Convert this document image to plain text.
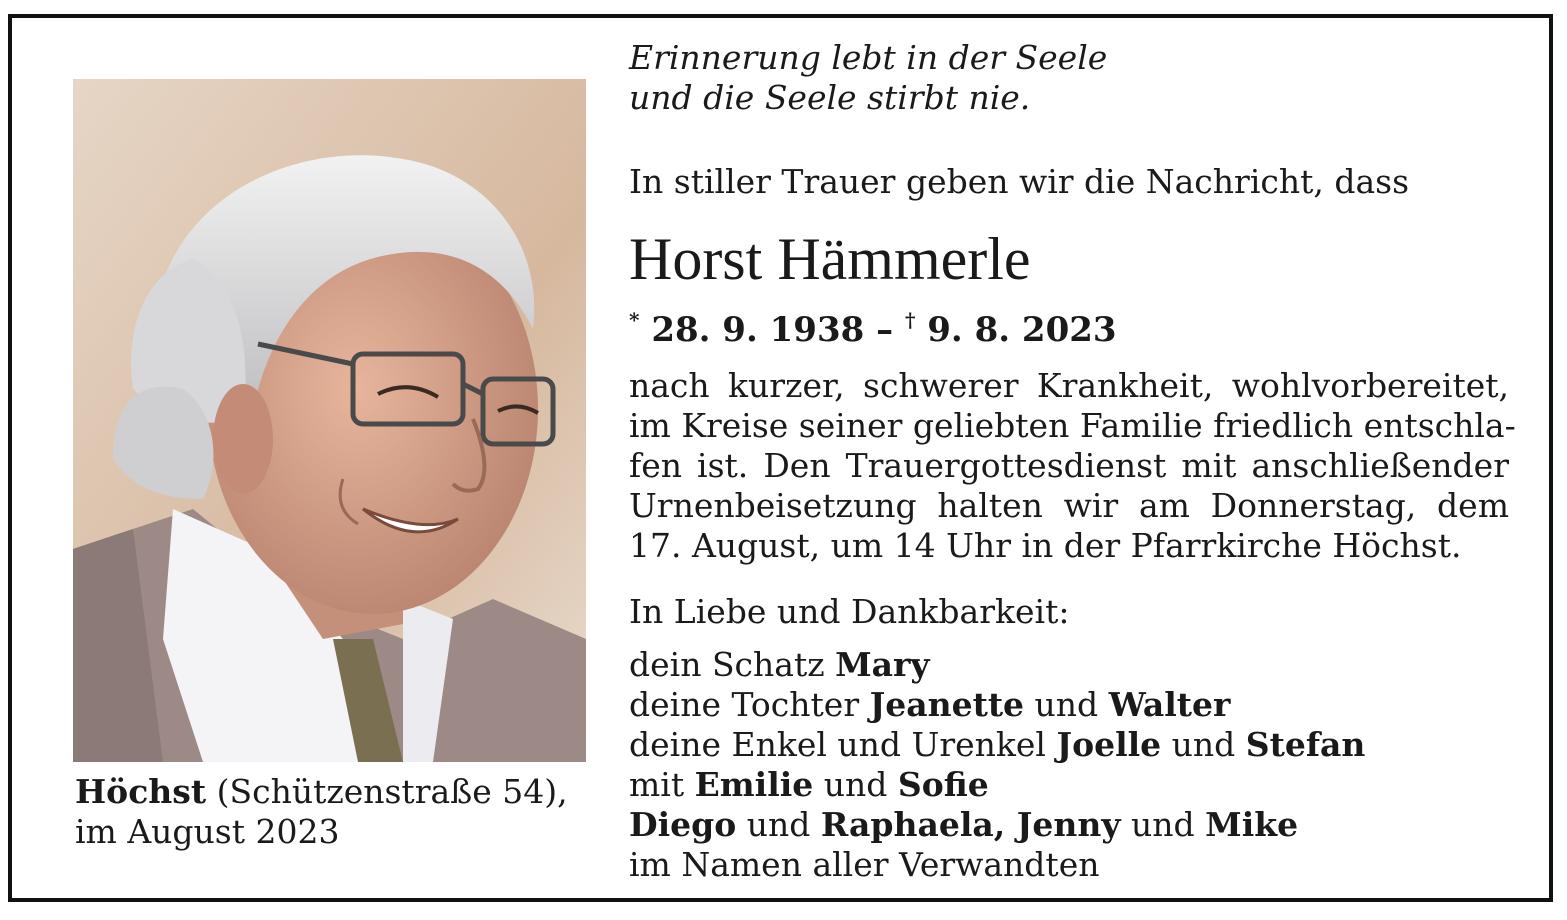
Höchst (Schützenstraße 54),
im August 2023
Erinnerung lebt in der Seele
und die Seele stirbt nie.
In stiller Trauer geben wir die Nachricht, dass
Horst Hämmerle
* 28. 9. 1938 – † 9. 8. 2023
nach kurzer, schwerer Krankheit, wohlvorbereitet,
im Kreise seiner geliebten Familie friedlich entschla-
fen ist. Den Trauergottesdienst mit anschließender
Urnenbeisetzung halten wir am Donnerstag, dem
17. August, um 14 Uhr in der Pfarrkirche Höchst.
In Liebe und Dankbarkeit:
dein Schatz Mary
deine Tochter Jeanette und Walter
deine Enkel und Urenkel Joelle und Stefan
mit Emilie und Sofie
Diego und Raphaela, Jenny und Mike
im Namen aller Verwandten
